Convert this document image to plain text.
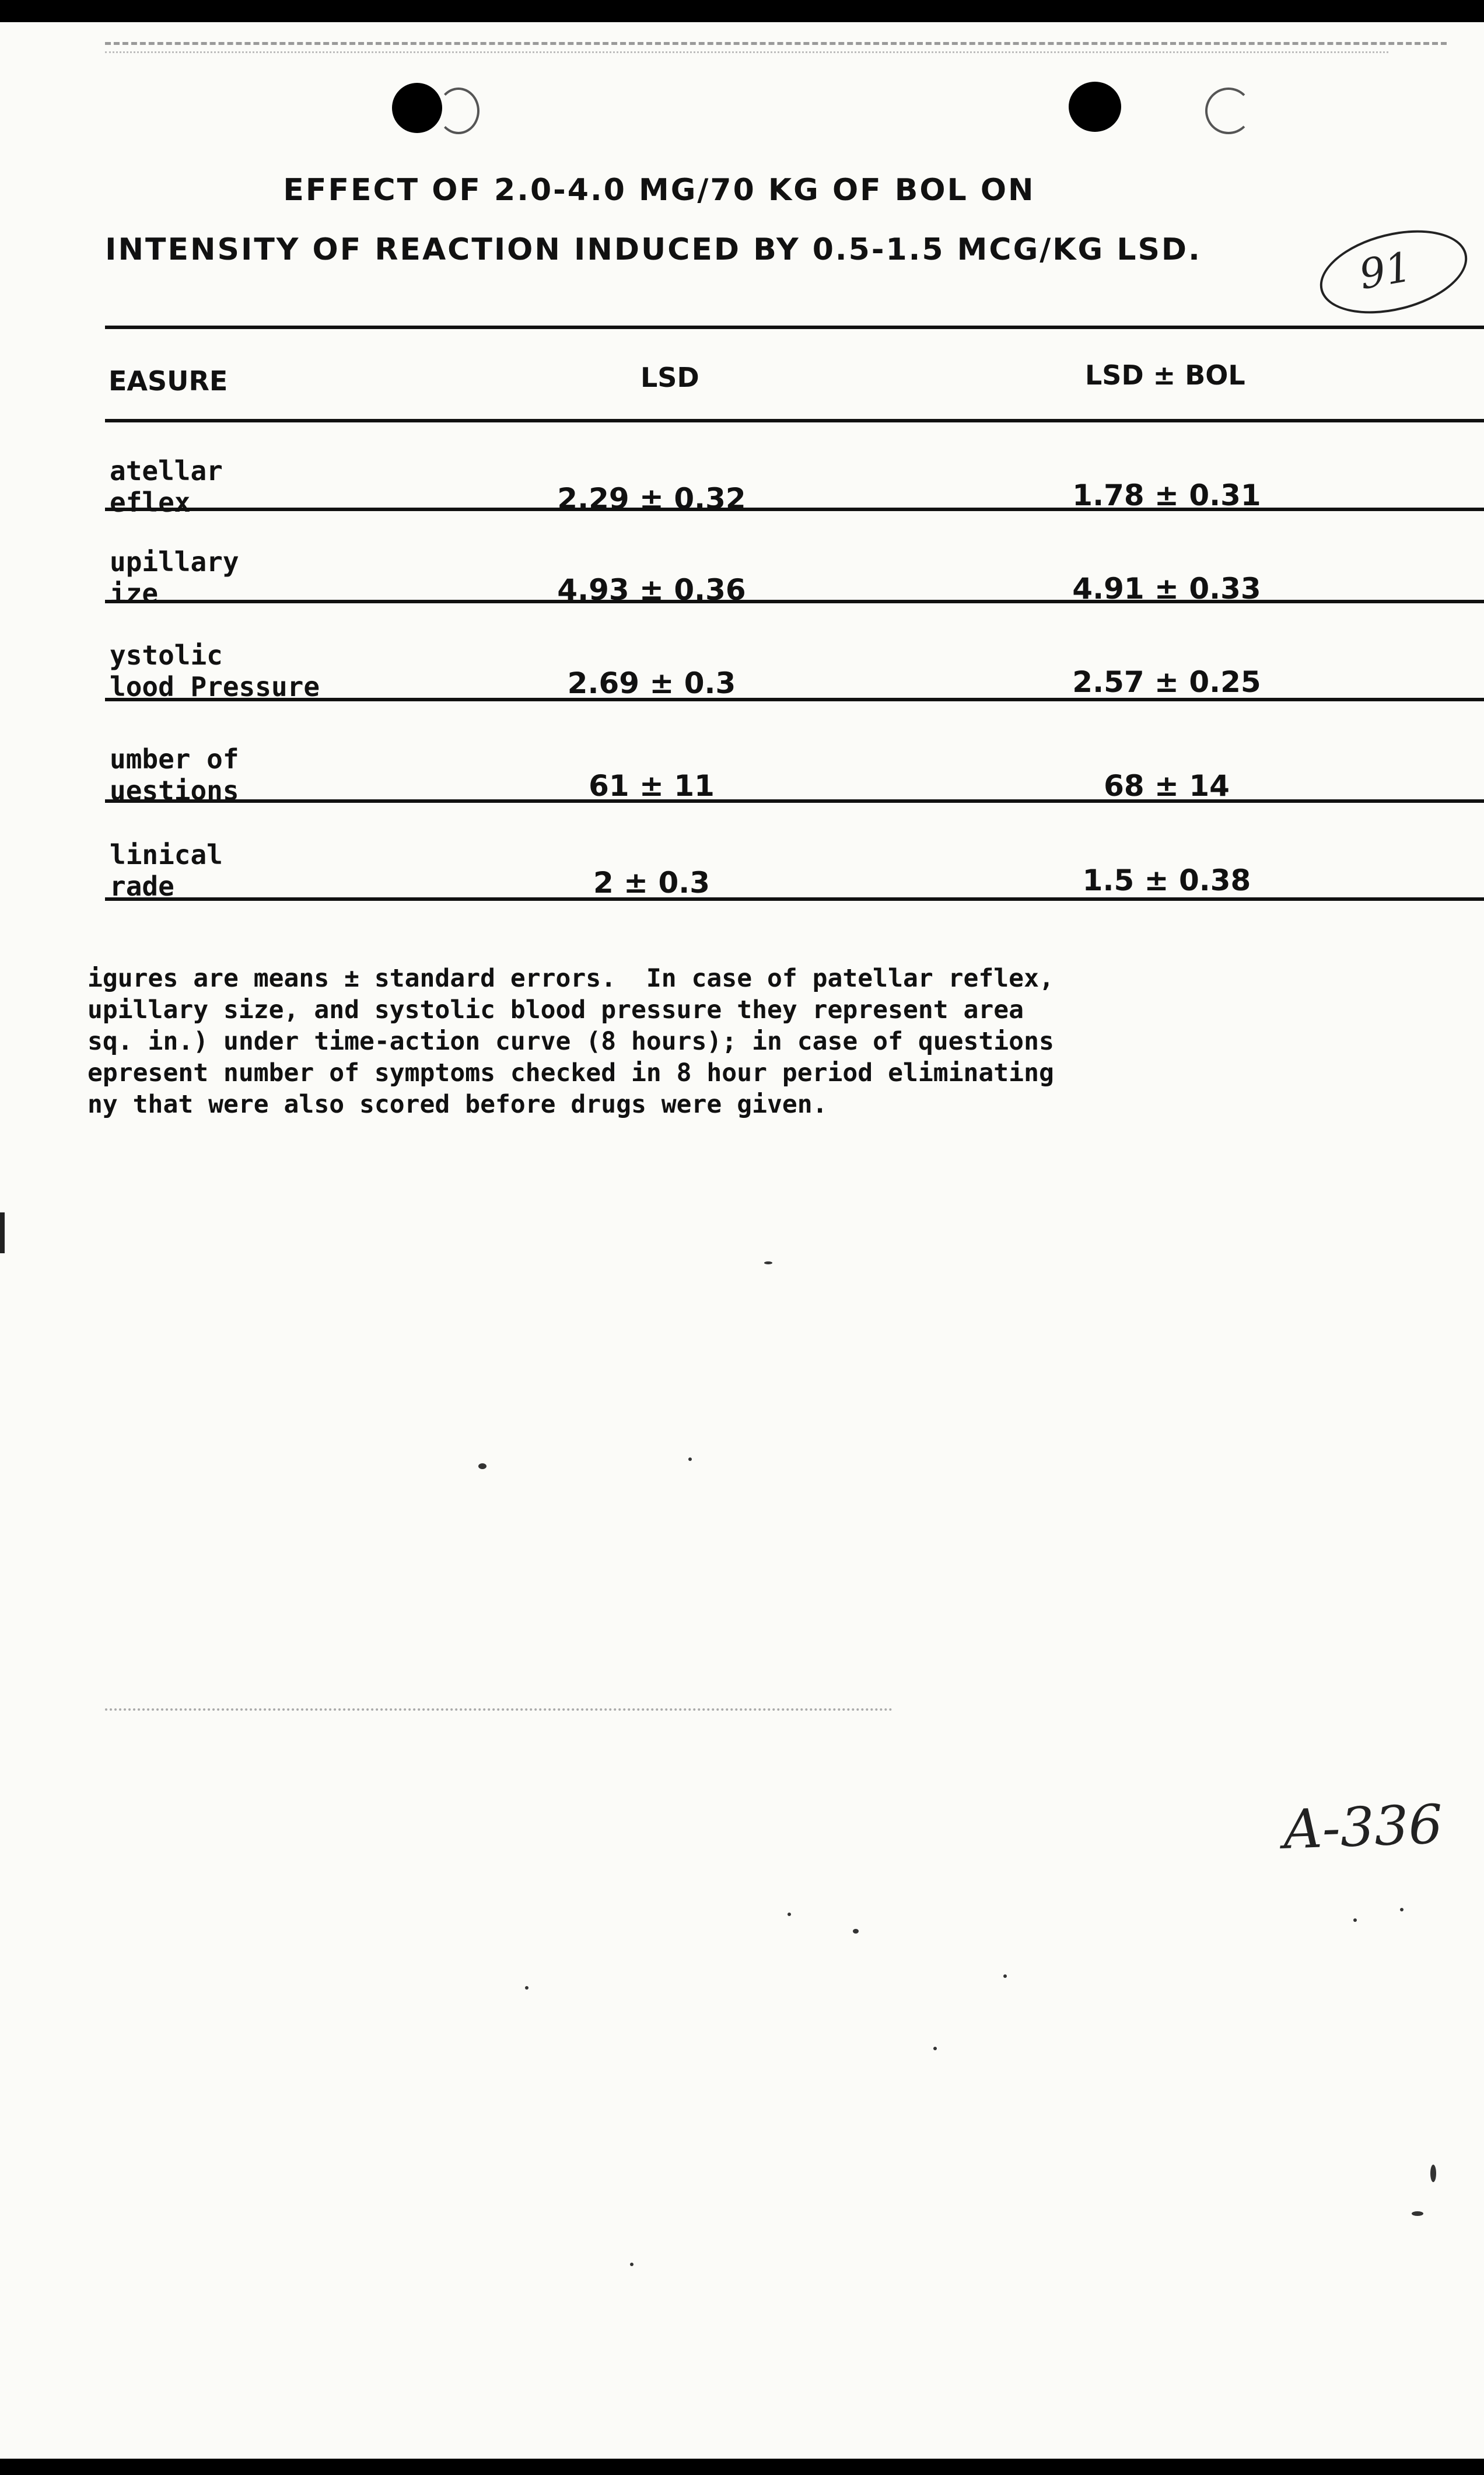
EFFECT OF 2.0-4.0 MG/70 KG OF BOL ON
INTENSITY OF REACTION INDUCED BY 0.5-1.5 MCG/KG LSD.	91
EASURE	LSD	LSD ± BOL
atellar
eflex	2.29 ± 0.32	1.78 ± 0.31
upillary
ize	4.93 ± 0.36	4.91 ± 0.33
ystolic
lood Pressure	2.69 ± 0.3	2.57 ± 0.25
umber of
uestions	61 ± 11	68 ± 14
linical
rade	2 ± 0.3	1.5 ± 0.38
igures are means ± standard errors.  In case of patellar reflex,
upillary size, and systolic blood pressure they represent area
sq. in.) under time-action curve (8 hours); in case of questions
epresent number of symptoms checked in 8 hour period eliminating
ny that were also scored before drugs were given.
A-336
